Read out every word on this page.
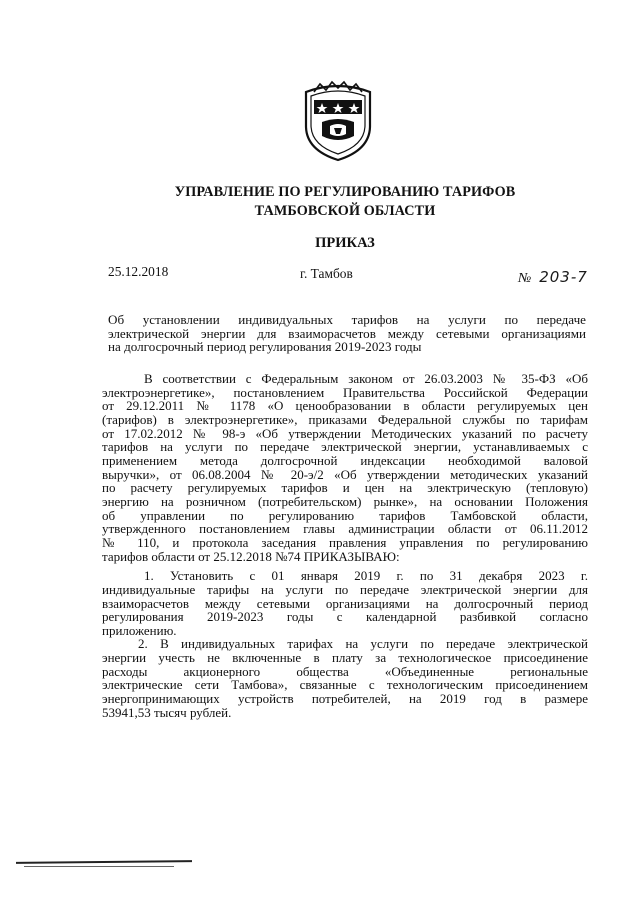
УПРАВЛЕНИЕ ПО РЕГУЛИРОВАНИЮ ТАРИФОВ
ТАМБОВСКОЙ ОБЛАСТИ
ПРИКАЗ
25.12.2018	г. Тамбов	№ 203-7
Об установлении индивидуальных тарифов на услуги по передаче
электрической энергии для взаиморасчетов между сетевыми организациями
на долгосрочный период регулирования 2019-2023 годы
В соответствии с Федеральным законом от 26.03.2003 № 35-ФЗ «Об
электроэнергетике», постановлением Правительства Российской Федерации
от 29.12.2011 № 1178 «О ценообразовании в области регулируемых цен
(тарифов) в электроэнергетике», приказами Федеральной службы по тарифам
от 17.02.2012 № 98-э «Об утверждении Методических указаний по расчету
тарифов на услуги по передаче электрической энергии, устанавливаемых с
применением метода долгосрочной индексации необходимой валовой
выручки», от 06.08.2004 № 20-э/2 «Об утверждении методических указаний
по расчету регулируемых тарифов и цен на электрическую (тепловую)
энергию на розничном (потребительском) рынке», на основании Положения
об управлении по регулированию тарифов Тамбовской области,
утвержденного постановлением главы администрации области от 06.11.2012
№ 110, и протокола заседания правления управления по регулированию
тарифов области от 25.12.2018 №74 ПРИКАЗЫВАЮ:
1. Установить с 01 января 2019 г. по 31 декабря 2023 г.
индивидуальные тарифы на услуги по передаче электрической энергии для
взаиморасчетов между сетевыми организациями на долгосрочный период
регулирования 2019-2023 годы с календарной разбивкой согласно
приложению.
2. В индивидуальных тарифах на услуги по передаче электрической
энергии учесть не включенные в плату за технологическое присоединение
расходы акционерного общества «Объединенные региональные
электрические сети Тамбова», связанные с технологическим присоединением
энергопринимающих устройств потребителей, на 2019 год в размере
53941,53 тысяч рублей.
